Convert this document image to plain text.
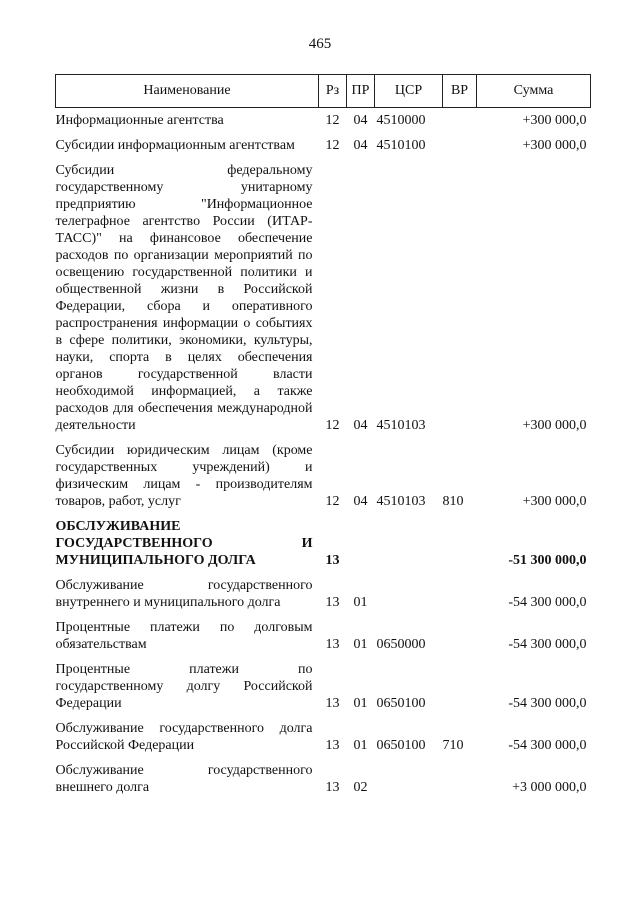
465
Наименование	Рз	ПР	ЦСР	ВР	Сумма
Информационные агентства	12	04	4510000		+300 000,0
Субсидии информационным агентствам	12	04	4510100		+300 000,0
Субсидии федеральному государственному унитарному предприятию "Информационное телеграфное агентство России (ИТАР-ТАСС)" на финансовое обеспечение расходов по организации мероприятий по освещению государственной политики и общественной жизни в Российской Федерации, сбора и оперативного распространения информации о событиях в сфере политики, экономики, культуры, науки, спорта в целях обеспечения органов государственной власти необходимой информацией, а также расходов для обеспечения международной деятельности	12	04	4510103		+300 000,0
Субсидии юридическим лицам (кроме государственных учреждений) и физическим лицам - производителям товаров, работ, услуг	12	04	4510103	810	+300 000,0
ОБСЛУЖИВАНИЕ ГОСУДАРСТВЕННОГО И МУНИЦИПАЛЬНОГО ДОЛГА	13				-51 300 000,0
Обслуживание государственного внутреннего и муниципального долга	13	01			-54 300 000,0
Процентные платежи по долговым обязательствам	13	01	0650000		-54 300 000,0
Процентные платежи по государственному долгу Российской Федерации	13	01	0650100		-54 300 000,0
Обслуживание государственного долга Российской Федерации	13	01	0650100	710	-54 300 000,0
Обслуживание государственного внешнего долга	13	02			+3 000 000,0
